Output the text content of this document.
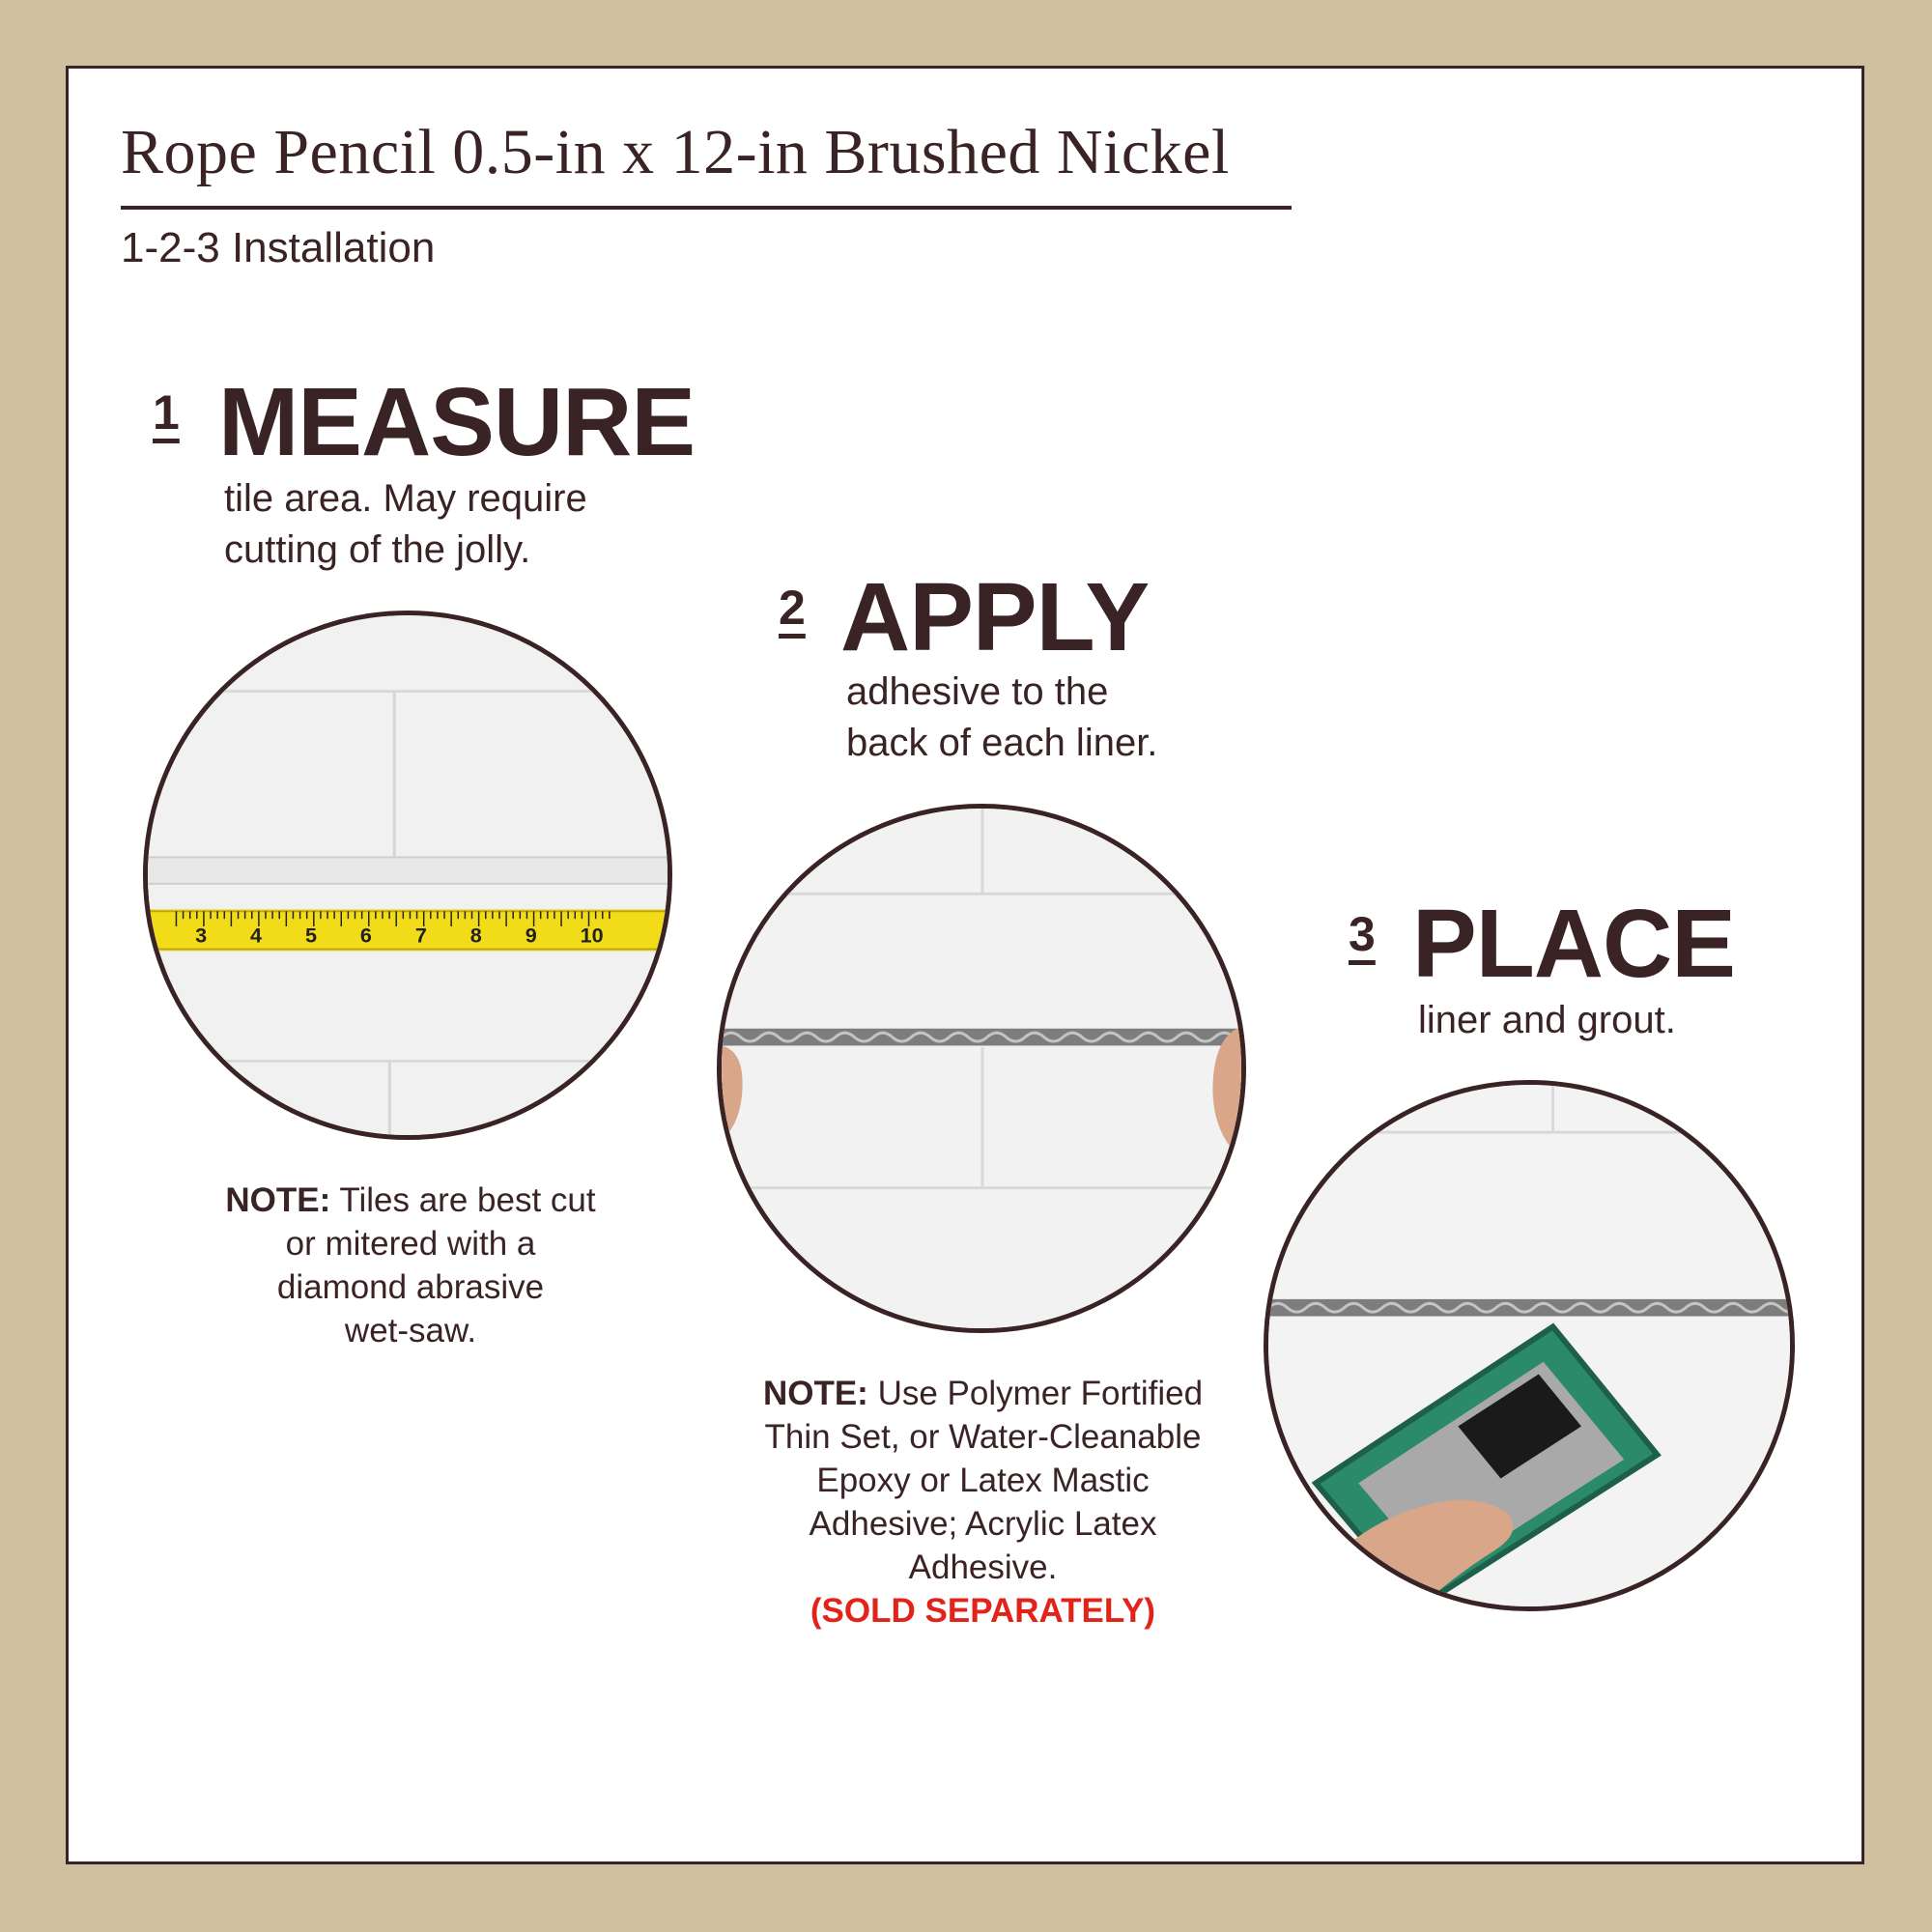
Rope Pencil 0.5-in x 12-in Brushed Nickel
1-2-3 Installation
1 MEASURE
tile area. May require
cutting of the jolly.
3 4 5 6 7 8 9 10
NOTE: Tiles are best cut
or mitered with a
diamond abrasive
wet-saw.
2 APPLY
adhesive to the
back of each liner.
NOTE: Use Polymer Fortified
Thin Set, or Water-Cleanable
Epoxy or Latex Mastic
Adhesive; Acrylic Latex
Adhesive.
(SOLD SEPARATELY)
3 PLACE
liner and grout.
